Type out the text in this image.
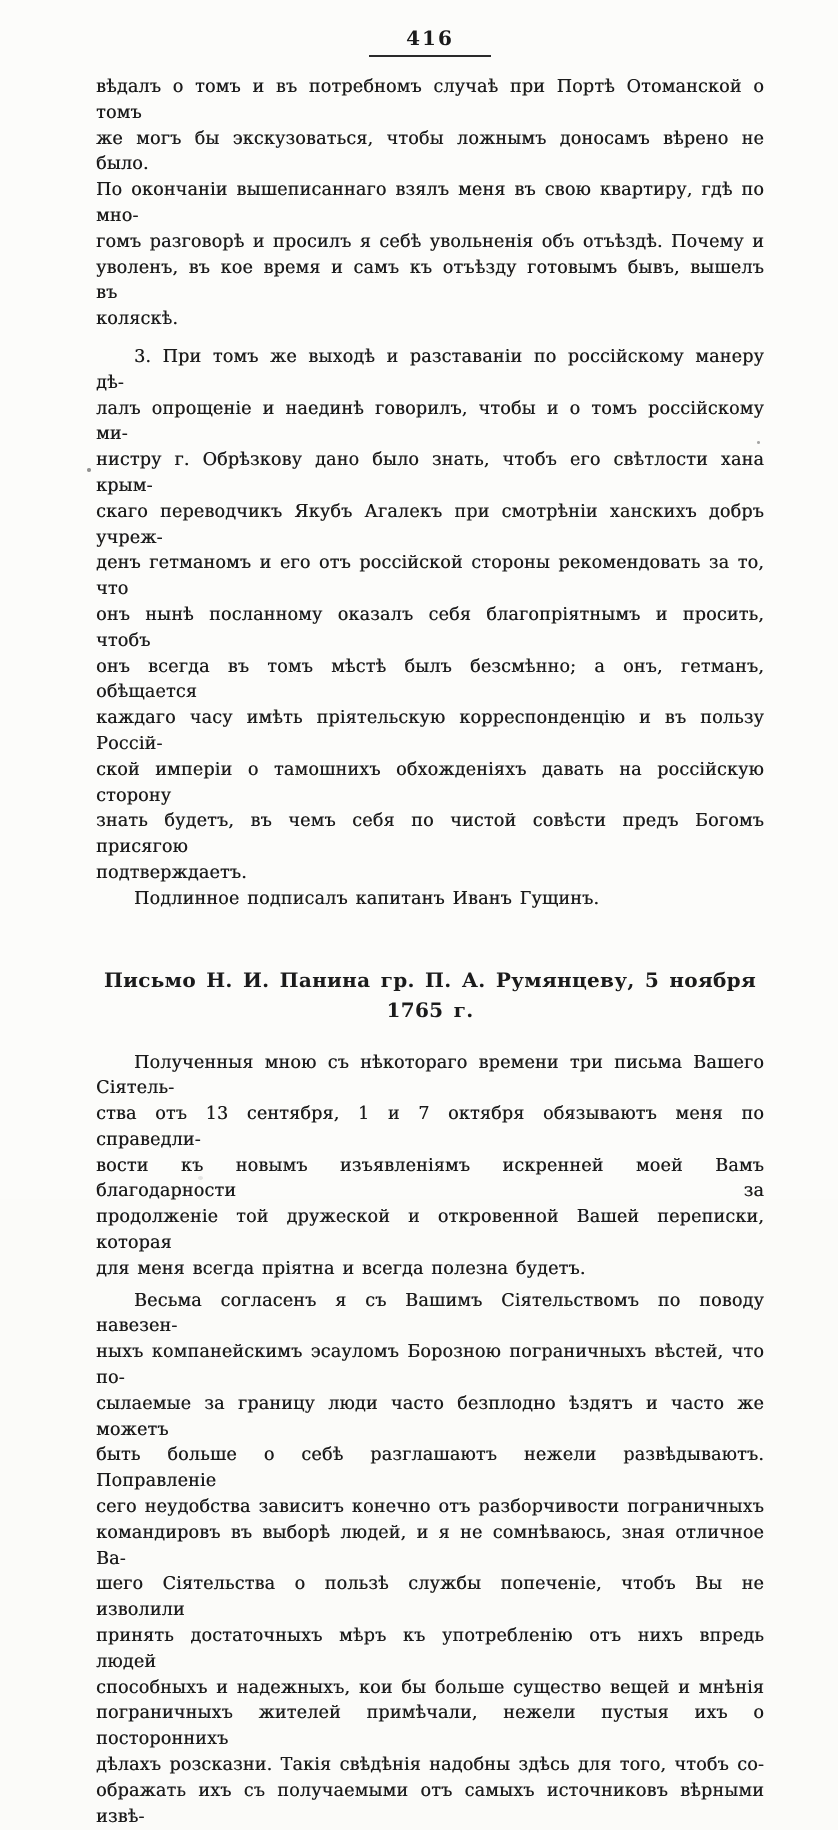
416
вѣдалъ о томъ и въ потребномъ случаѣ при Портѣ Отоманской о томъ
же могъ бы экскузоваться, чтобы ложнымъ доносамъ вѣрено не было.
По окончаніи вышеписаннаго взялъ меня въ свою квартиру, гдѣ по мно-
гомъ разговорѣ и просилъ я себѣ увольненія объ отъѣздѣ. Почему и
уволенъ, въ кое время и самъ къ отъѣзду готовымъ бывъ, вышелъ въ
коляскѣ.
3. При томъ же выходѣ и разставаніи по россійскому манеру дѣ-
лалъ опрощеніе и наединѣ говорилъ, чтобы и о томъ россійскому ми-
нистру г. Обрѣзкову дано было знать, чтобъ его свѣтлости хана крым-
скаго переводчикъ Якубъ Агалекъ при смотрѣніи ханскихъ добръ учреж-
денъ гетманомъ и его отъ россійской стороны рекомендовать за то, что
онъ нынѣ посланному оказалъ себя благопріятнымъ и просить, чтобъ
онъ всегда въ томъ мѣстѣ былъ безсмѣнно; а онъ, гетманъ, обѣщается
каждаго часу имѣть пріятельскую корреспонденцію и въ пользу Россій-
ской имперіи о тамошнихъ обхожденіяхъ давать на россійскую сторону
знать будетъ, въ чемъ себя по чистой совѣсти предъ Богомъ присягою
подтверждаетъ.
Подлинное подписалъ капитанъ Иванъ Гущинъ.
Письмо Н. И. Панина гр. П. А. Румянцеву, 5 ноября 1765 г.
Полученныя мною съ нѣкотораго времени три письма Вашего Сіятель-
ства отъ 13 сентября, 1 и 7 октября обязываютъ меня по справедли-
вости къ новымъ изъявленіямъ искренней моей Вамъ благодарности за
продолженіе той дружеской и откровенной Вашей переписки, которая
для меня всегда пріятна и всегда полезна будетъ.
Весьма согласенъ я съ Вашимъ Сіятельствомъ по поводу навезен-
ныхъ компанейскимъ эсауломъ Борозною пограничныхъ вѣстей, что по-
сылаемые за границу люди часто безплодно ѣздятъ и часто же можетъ
быть больше о себѣ разглашаютъ нежели развѣдываютъ. Поправленіе
сего неудобства зависитъ конечно отъ разборчивости пограничныхъ
командировъ въ выборѣ людей, и я не сомнѣваюсь, зная отличное Ва-
шего Сіятельства о пользѣ службы попеченіе, чтобъ Вы не изволили
принять достаточныхъ мѣръ къ употребленію отъ нихъ впредь людей
способныхъ и надежныхъ, кои бы больше существо вещей и мнѣнія
пограничныхъ жителей примѣчали, нежели пустыя ихъ о постороннихъ
дѣлахъ розсказни. Такія свѣдѣнія надобны здѣсь для того, чтобъ со-
ображать ихъ съ получаемыми отъ самыхъ источниковъ вѣрными извѣ-
